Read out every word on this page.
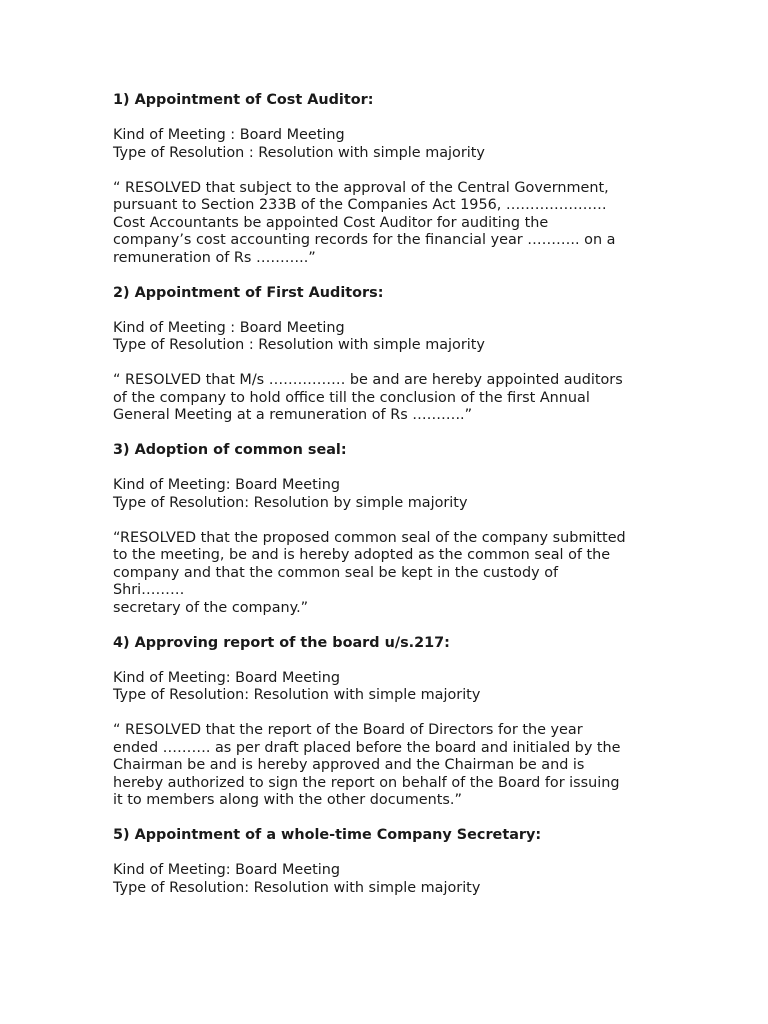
1) Appointment of Cost Auditor:

Kind of Meeting : Board Meeting

Type of Resolution : Resolution with simple majority

“ RESOLVED that subject to the approval of the Central Government,
pursuant to Section 233B of the Companies Act 1956, …………………
Cost Accountants be appointed Cost Auditor for auditing the
company’s cost accounting records for the financial year ……….. on a
remuneration of Rs ………..”

2) Appointment of First Auditors:

Kind of Meeting : Board Meeting

Type of Resolution : Resolution with simple majority

“ RESOLVED that M/s ……………. be and are hereby appointed auditors
of the company to hold office till the conclusion of the first Annual
General Meeting at a remuneration of Rs ………..”

3) Adoption of common seal:

Kind of Meeting: Board Meeting

Type of Resolution: Resolution by simple majority

“RESOLVED that the proposed common seal of the company submitted
to the meeting, be and is hereby adopted as the common seal of the
company and that the common seal be kept in the custody of
Shri………
secretary of the company.”

4) Approving report of the board u/s.217:

Kind of Meeting: Board Meeting

Type of Resolution: Resolution with simple majority

“ RESOLVED that the report of the Board of Directors for the year
ended ………. as per draft placed before the board and initialed by the
Chairman be and is hereby approved and the Chairman be and is
hereby authorized to sign the report on behalf of the Board for issuing
it to members along with the other documents.”

5) Appointment of a whole-time Company Secretary:

Kind of Meeting: Board Meeting

Type of Resolution: Resolution with simple majority
